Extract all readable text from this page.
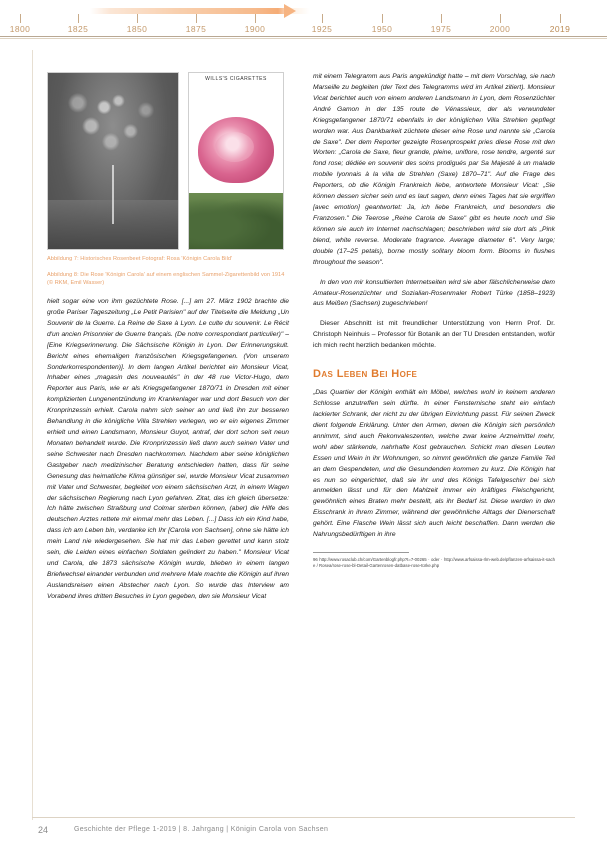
1800	1825	1850	1875	1900	1925	1950	1975	2000	2019
WILLS'S CIGARETTES
Abbildung 7: Historisches Rosenbeet Fotograf: Rosa 'Königin Carola Bild'
Abbildung 8: Die Rose 'Königin Carola' auf einem englischen Sammel-Zigarettenbild von 1914 (© RKM, Emil Wasser)

hielt sogar eine von ihm gezüchtete Rose. [...] am 27. März 1902 brachte die große Pariser Tageszeitung „Le Petit Parisien" auf der Titelseite die Meldung „Un Souvenir de la Guerre. La Reine de Saxe à Lyon. Le culte du souvenir. Le Récit d'un ancien Prisonnier de Guerre français. (De notre correspondant particulier)" – [Eine Kriegserinnerung. Die Sächsische Königin in Lyon. Der Erinnerungskult. Bericht eines ehemaligen französischen Kriegsgefangenen. (Von unserem Sonderkorrespondenten)]. In dem langen Artikel berichtet ein Monsieur Vicat, Inhaber eines „magasin des nouveautés" in der 48 rue Victor-Hugo, dem Reporter aus Paris, wie er als Kriegsgefangener 1870/71 in Dresden mit einer komplizierten Lungenentzündung im Krankenlager war und dort Besuch von der Kronprinzessin erhielt. Carola nahm sich seiner an und ließ ihn zur besseren Behandlung in die königliche Villa Strehlen verlegen, wo er ein eigenes Zimmer erhielt und einen Landsmann, Monsieur Guyot, antraf, der dort schon seit neun Monaten behandelt wurde. Die Kronprinzessin ließ dann auch seinen Vater und seine Schwester nach Dresden nachkommen. Nachdem aber seine königlichen Gastgeber nach medizinischer Beratung entschieden hatten, dass für seine Genesung das heimatliche Klima günstiger sei, wurde Monsieur Vicat zusammen mit Vater und Schwester, begleitet von einem sächsischen Arzt, in einem Wagen der sächsischen Regierung nach Lyon gefahren. Zitat, das ich gleich übersetze: Ich hätte zwischen Straßburg und Colmar sterben können, (aber) die Hilfe des deutschen Arztes rettete mir einmal mehr das Leben. [...] Dass ich ein Kind habe, dass ich am Leben bin, verdanke ich Ihr [Carola von Sachsen], ohne sie hätte ich mein Land nie wiedergesehen. Sie hat mir das Leben gerettet und kann stolz sein, die Leiden eines einfachen Soldaten gelindert zu haben." Monsieur Vicat und Carola, die 1873 sächsische Königin wurde, blieben in einem langen Briefwechsel einander verbunden und mehrere Male machte die Königin auf ihren Auslandsreisen einen Abstecher nach Lyon. So wurde das Interview am Vorabend ihres dritten Besuches in Lyon gegeben, den sie Monsieur Vicat

mit einem Telegramm aus Paris angekündigt hatte – mit dem Vorschlag, sie nach Marseille zu begleiten (der Text des Telegramms wird im Artikel zitiert). Monsieur Vicat berichtet auch von einem anderen Landsmann in Lyon, dem Rosenzüchter André Gamon in der 135 route de Vénassieux, der als verwundeter Kriegsgefangener 1870/71 ebenfalls in der königlichen Villa Strehlen gepflegt worden war. Aus Dankbarkeit züchtete dieser eine Rose und nannte sie „Carola de Saxe". Der dem Reporter gezeigte Rosenprospekt pries diese Rose mit den Worten: „Carola de Saxe, fleur grande, pleine, uniflore, rose tendre, argenté sur fond rose; dédiée en souvenir des soins prodigués par Sa Majesté à un malade mobile lyonnais à la villa de Strehlen (Saxe) 1870–71". Auf die Frage des Reporters, ob die Königin Frankreich liebe, antwortete Monsieur Vicat: „Sie können dessen sicher sein und es laut sagen, denn eines Tages hat sie ergriffen [avec emotion] geantwortet: Ja, ich liebe Frankreich, und besonders die Franzosen." Die Teerose „Reine Carola de Saxe" gibt es heute noch und Sie können sie auch im Internet nachschlagen; beschrieben wird sie dort als „Pink blend, white reverse. Moderate fragrance. Average diameter 6". Very large; double (17–25 petals), borne mostly solitary bloom form. Blooms in flushes throughout the season".

In den von mir konsultierten Internetseiten wird sie aber fälschlicherweise dem Amateur-Rosenzüchter und Sozialian-Rosenmaler Robert Türke (1858–1923) aus Meißen (Sachsen) zugeschrieben!

Dieser Abschnitt ist mit freundlicher Unterstützung von Herrn Prof. Dr. Christoph Neinhuis – Professor für Botanik an der TU Dresden entstanden, wofür ich mich recht herzlich bedanken möchte.

Das Leben Bei Hofe

„Das Quartier der Königin enthält ein Möbel, welches wohl in keinem anderen Schlosse anzutreffen sein dürfte. In einer Fensternische steht ein einfach lackierter Schrank, der nicht zu der übrigen Einrichtung passt. Für seinen Zweck dient folgende Erklärung. Unter den Armen, denen die Königin sich persönlich annimmt, sind auch Rekonvaleszenten, welche zwar keine Arzneimittel mehr, wohl aber stärkende, nahrhafte Kost gebrauchen. Schickt man diesen Leuten Essen und Wein in ihr Wohnungen, so nimmt gewöhnlich die ganze Familie Teil an dem Gespendeten, und die Gesundenden kommen zu kurz. Die Königin hat es nun so eingerichtet, daß sie ihr und des Königs Tafelgeschirr bei sich anmelden lässt und für den Mahlzeit immer ein kräftiges Fleischgericht, gewöhnlich eines Braten mehr bestellt, als ihr Bedarf ist. Diese werden in den Eisschrank in ihrem Zimmer, während der gewöhnliche Alltags der Dienerschaft gehört. Eine Flasche Wein lässt sich auch leicht beschaffen. Dann werden die Nahrungsbedürftigen in ihre

96 http://www.rosaclub.ch/com/Gartenblogfr.php?t=7-00265 · oder · http://www.arfsaissa-rlm-web.de/pflanzen-arfsaissa-it-sache / Rosea/rose-rose-bl-Detail-Gartenrosen-datbase-rose-türke.php
24	Geschichte der Pflege 1-2019 | 8. Jahrgang | Königin Carola von Sachsen
